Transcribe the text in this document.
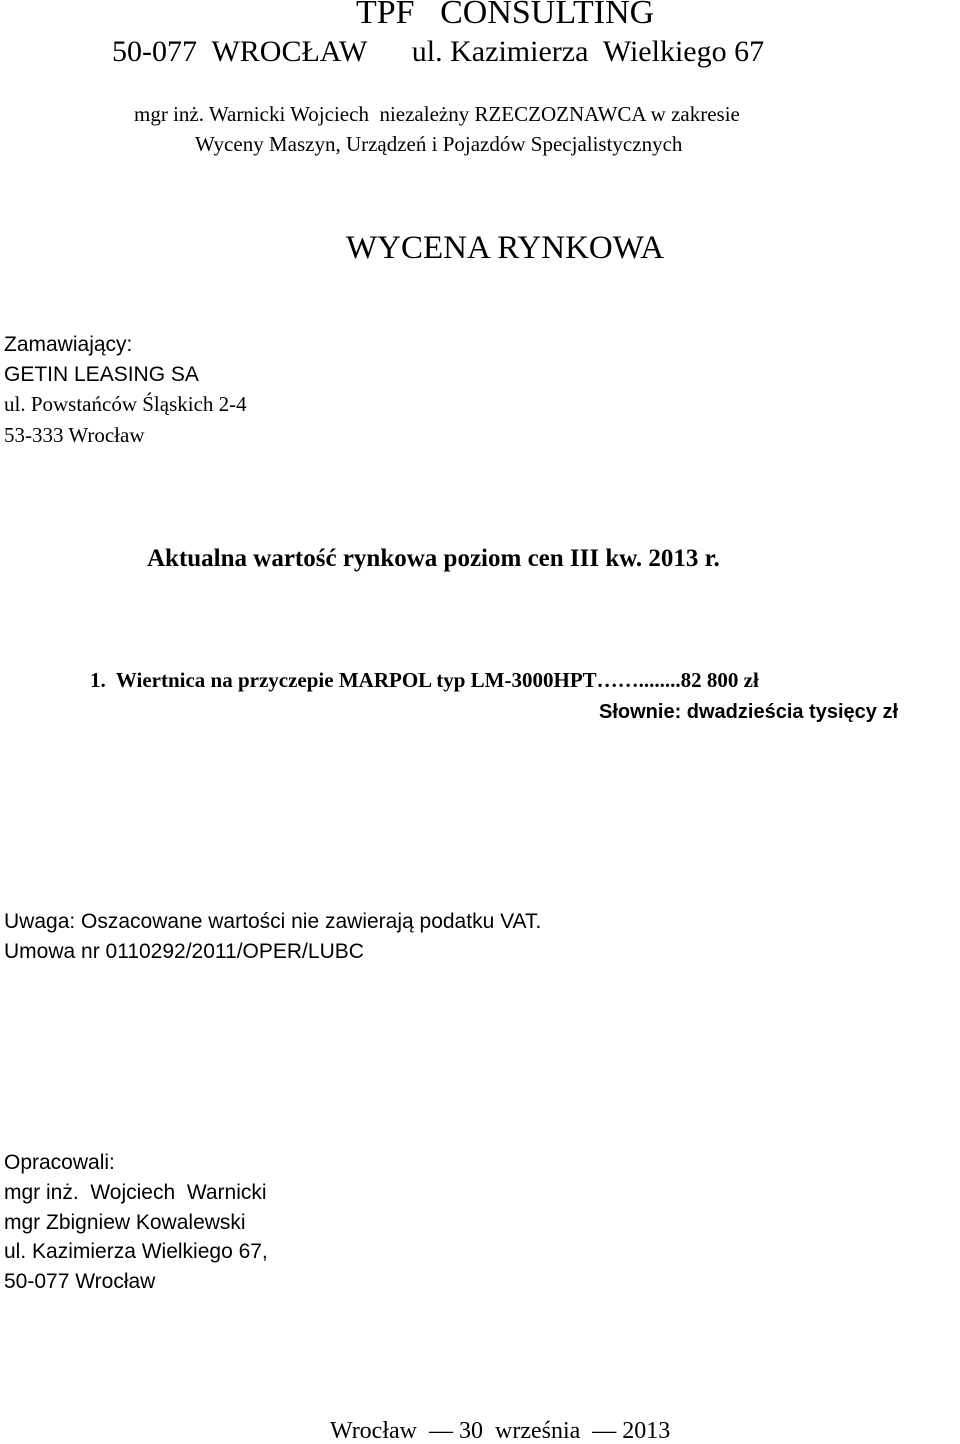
TPF   CONSULTING
50-077  WROCŁAW      ul. Kazimierza  Wielkiego 67
mgr inż. Warnicki Wojciech  niezależny RZECZOZNAWCA w zakresie
Wyceny Maszyn, Urządzeń i Pojazdów Specjalistycznych
WYCENA RYNKOWA
Zamawiający:
GETIN LEASING SA
ul. Powstańców Śląskich 2-4
53-333 Wrocław
Aktualna wartość rynkowa poziom cen III kw. 2013 r.
1.  Wiertnica na przyczepie MARPOL typ LM-3000HPT……........82 800 zł
Słownie: dwadzieścia tysięcy zł
Uwaga: Oszacowane wartości nie zawierają podatku VAT.
Umowa nr 0110292/2011/OPER/LUBC
Opracowali:
mgr inż.  Wojciech  Warnicki
mgr Zbigniew Kowalewski
ul. Kazimierza Wielkiego 67,
50-077 Wrocław
Wrocław  — 30  września  — 2013
